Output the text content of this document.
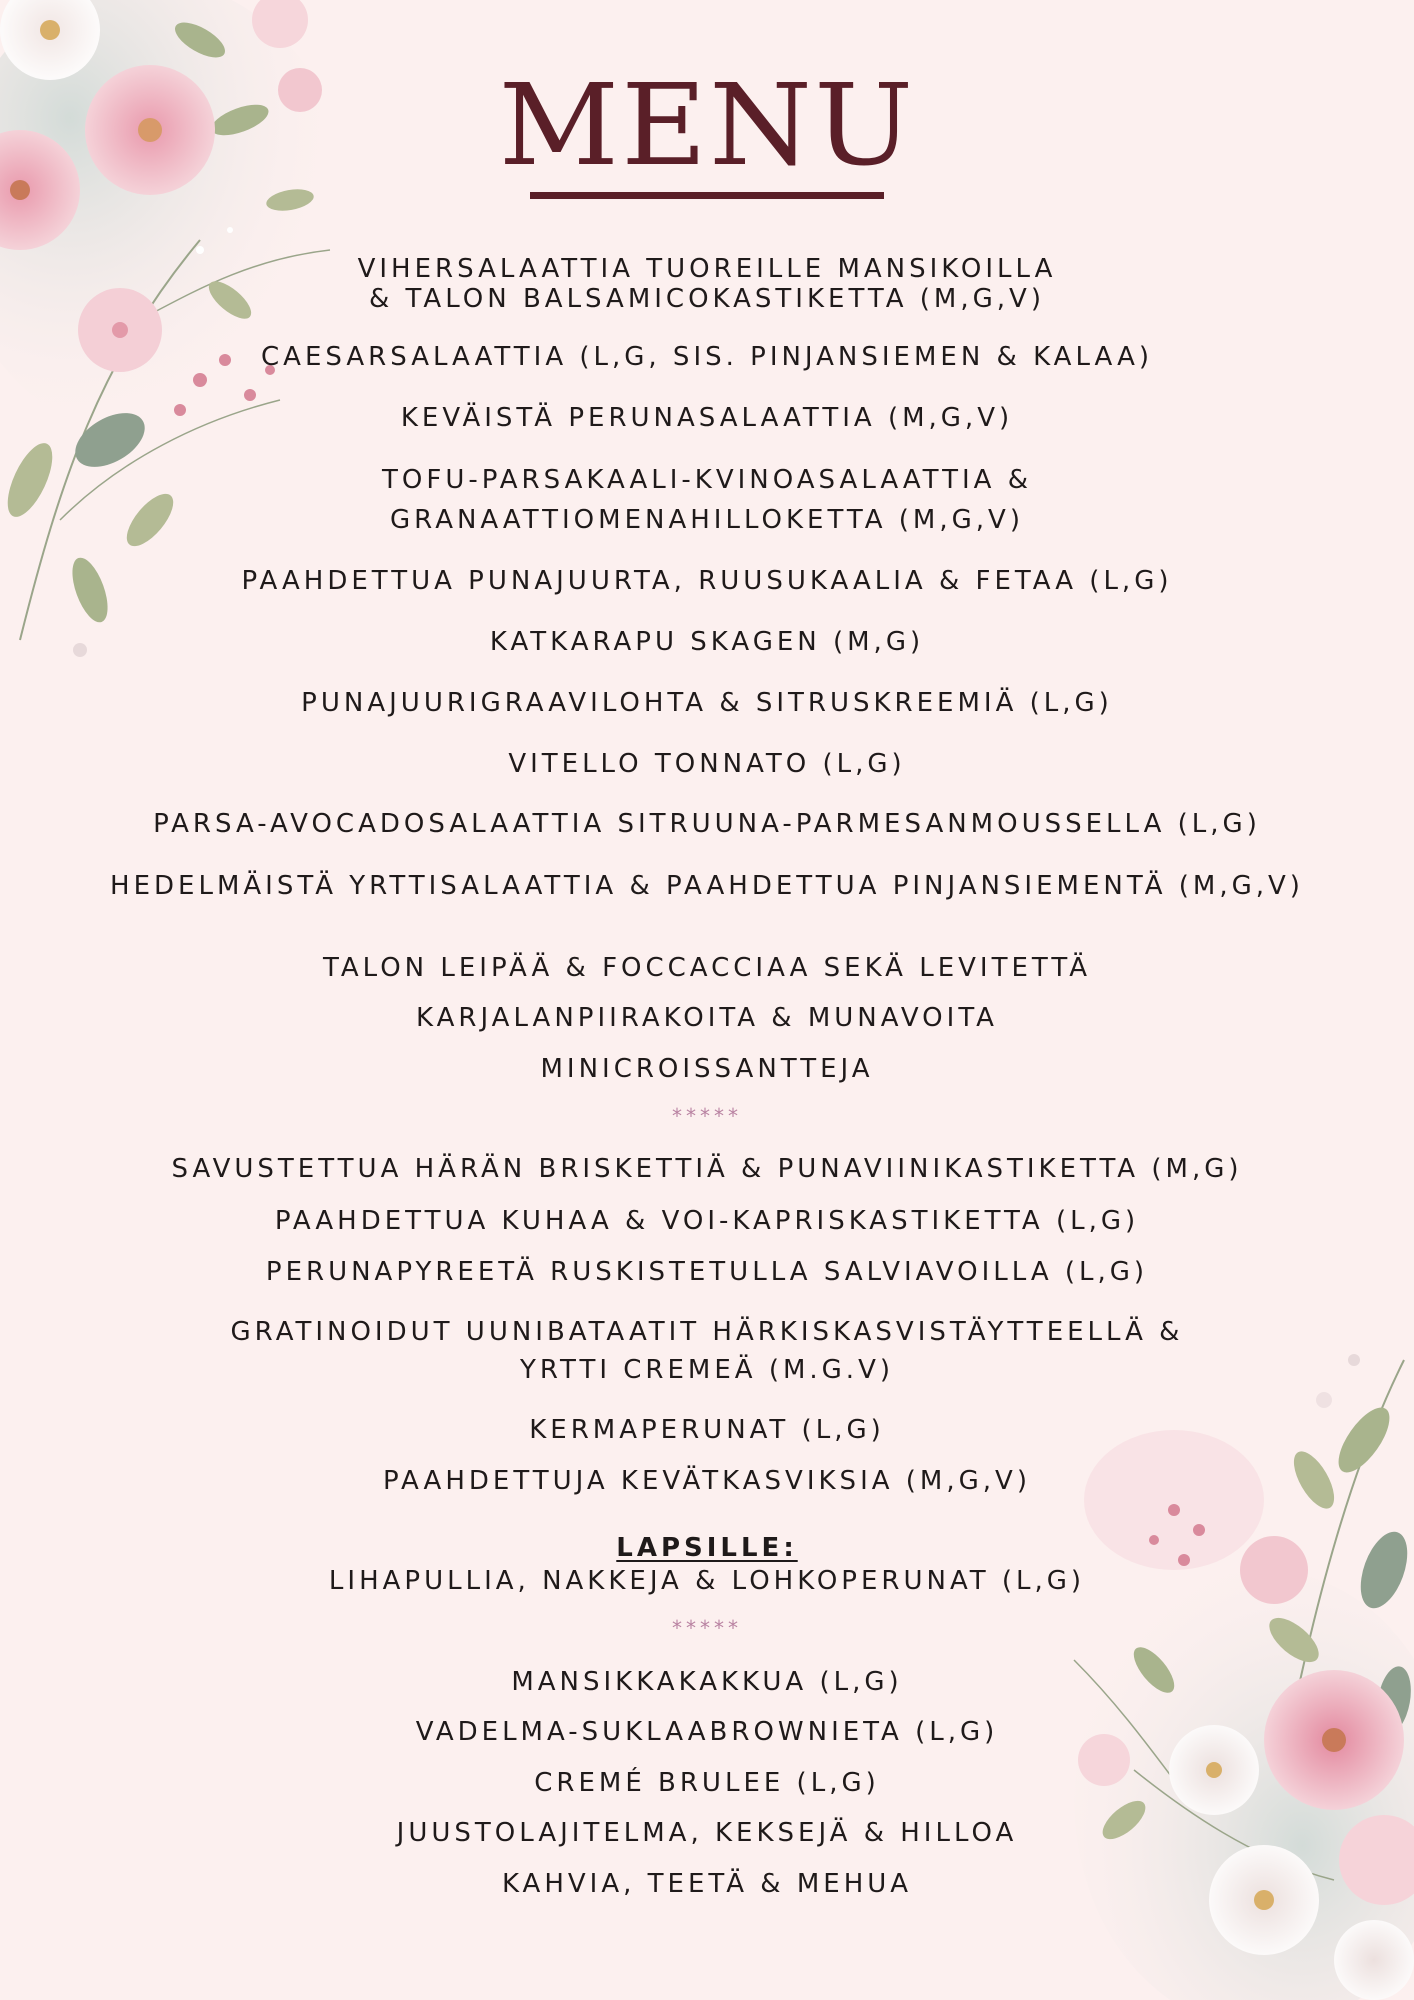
MENU
VIHERSALAATTIA TUOREILLE MANSIKOILLA
& TALON BALSAMICOKASTIKETTA (M,G,V)
CAESARSALAATTIA (L,G, SIS. PINJANSIEMEN & KALAA)
KEVÄISTÄ PERUNASALAATTIA (M,G,V)
TOFU-PARSAKAALI-KVINOASALAATTIA &
GRANAATTIOMENAHILLOKETTA (M,G,V)
PAAHDETTUA PUNAJUURTA, RUUSUKAALIA & FETAA (L,G)
KATKARAPU SKAGEN (M,G)
PUNAJUURIGRAAVILOHTA & SITRUSKREEMIÄ (L,G)
VITELLO TONNATO (L,G)
PARSA-AVOCADOSALAATTIA SITRUUNA-PARMESANMOUSSELLA (L,G)
HEDELMÄISTÄ YRTTISALAATTIA & PAAHDETTUA PINJANSIEMENTÄ (M,G,V)
TALON LEIPÄÄ & FOCCACCIAA SEKÄ LEVITETTÄ
KARJALANPIIRAKOITA & MUNAVOITA
MINICROISSANTTEJA
*****
SAVUSTETTUA HÄRÄN BRISKETTIÄ & PUNAVIINIKASTIKETTA (M,G)
PAAHDETTUA KUHAA & VOI-KAPRISKASTIKETTA (L,G)
PERUNAPYREETÄ RUSKISTETULLA SALVIAVOILLA (L,G)
GRATINOIDUT UUNIBATAATIT HÄRKISKASVISTÄYTTEELLÄ &
YRTTI CREMEÄ (M.G.V)
KERMAPERUNAT (L,G)
PAAHDETTUJA KEVÄTKASVIKSIA (M,G,V)
LAPSILLE:
LIHAPULLIA, NAKKEJA & LOHKOPERUNAT (L,G)
*****
MANSIKKAKAKKUA (L,G)
VADELMA-SUKLAABROWNIETA (L,G)
CREMÉ BRULEE (L,G)
JUUSTOLAJITELMA, KEKSEJÄ & HILLOA
KAHVIA, TEETÄ & MEHUA
